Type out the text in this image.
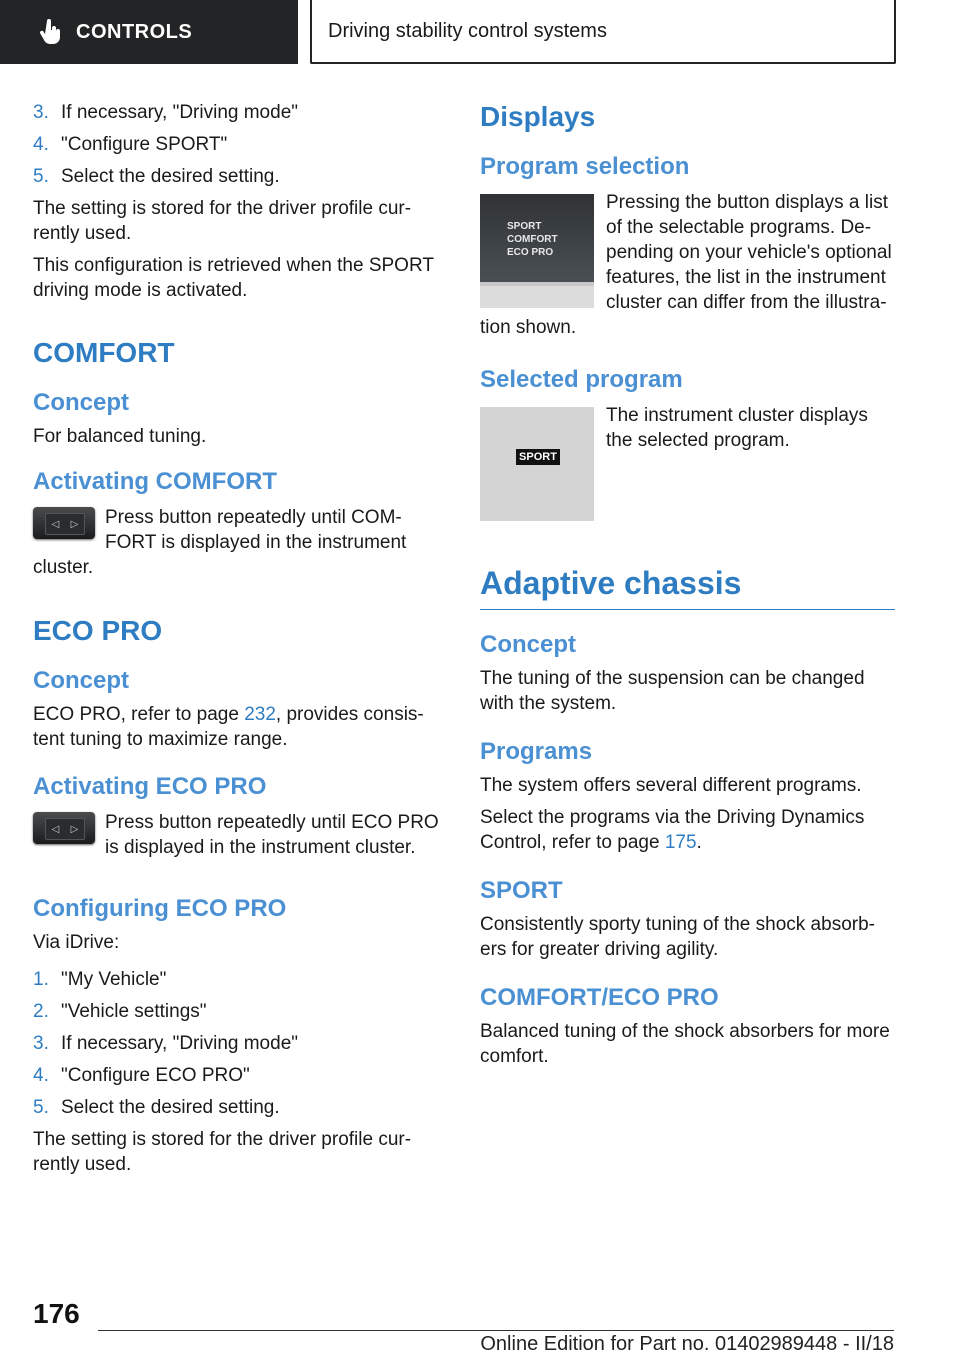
CONTROLS	Driving stability control systems
3. If necessary, "Driving mode"
4. "Configure SPORT"
5. Select the desired setting.

The setting is stored for the driver profile currently used.

This configuration is retrieved when the SPORT driving mode is activated.

COMFORT
Concept

For balanced tuning.

Activating COMFORT
◁ ▷	Press button repeatedly until COMFORT is displayed in the instrument cluster.

ECO PRO
Concept

ECO PRO, refer to page 232, provides consistent tuning to maximize range.

Activating ECO PRO
◁ ▷	Press button repeatedly until ECO PRO is displayed in the instrument cluster.

Configuring ECO PRO

Via iDrive:

1. "My Vehicle"
2. "Vehicle settings"
3. If necessary, "Driving mode"
4. "Configure ECO PRO"
5. Select the desired setting.

The setting is stored for the driver profile currently used.

Displays
Program selection
SPORT
COMFORT
ECO PRO

Pressing the button displays a list of the selectable programs. Depending on your vehicle's optional features, the list in the instrument cluster can differ from the illustration shown.

Selected program
SPORT

The instrument cluster displays the selected program.

Adaptive chassis
Concept

The tuning of the suspension can be changed with the system.

Programs

The system offers several different programs.

Select the programs via the Driving Dynamics Control, refer to page 175.

SPORT

Consistently sporty tuning of the shock absorbers for greater driving agility.

COMFORT/ECO PRO

Balanced tuning of the shock absorbers for more comfort.

176
Online Edition for Part no. 01402989448 - II/18
